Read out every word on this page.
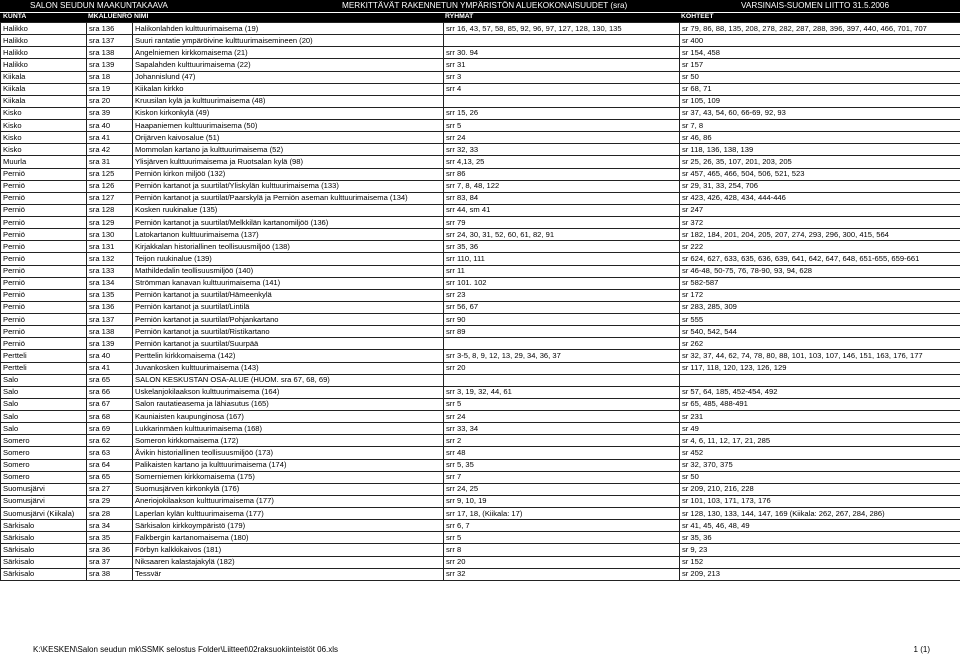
SALON SEUDUN MAAKUNTAKAAVA	MERKITTÄVÄT RAKENNETUN YMPÄRISTÖN ALUEKOKONAISUUDET (sra)	VARSINAIS-SUOMEN LIITTO 31.5.2006
KUNTA	MKALUENRO NIMI	RYHMAT	KOHTEET
Halikko	sra 136	Halikonlahden kulttuurimaisema (19)	srr 16, 43, 57, 58, 85, 92, 96, 97, 127, 128, 130, 135	sr 79, 86, 88, 135, 208, 278, 282, 287, 288, 396, 397, 440, 466, 701, 707
Halikko	sra 137	Suuri rantatie ympäröivine kulttuurimaisemineen (20)		sr 400
Halikko	sra 138	Angelniemen kirkkomaisema (21)	srr 30. 94	sr 154, 458
Halikko	sra 139	Sapalahden kulttuurimaisema (22)	srr 31	sr 157
Kiikala	sra 18	Johannislund (47)	srr 3	sr 50
Kiikala	sra 19	Kiikalan kirkko	srr 4	sr 68, 71
Kiikala	sra 20	Kruusilan kylä ja kulttuurimaisema (48)		sr 105, 109
Kisko	sra 39	Kiskon kirkonkylä (49)	srr 15, 26	sr 37, 43, 54, 60, 66-69, 92, 93
Kisko	sra 40	Haapaniemen kulttuurimaisema (50)	srr 5	sr 7, 8
Kisko	sra 41	Orijärven kaivosalue (51)	srr 24	sr 46, 86
Kisko	sra 42	Mommolan kartano ja kulttuurimaisema (52)	srr 32, 33	sr 118, 136, 138, 139
Muurla	sra 31	Ylisjärven kulttuurimaisema ja Ruotsalan kylä (98)	srr 4,13, 25	sr 25, 26, 35, 107, 201, 203, 205
Perniö	sra 125	Perniön kirkon miljöö (132)	srr 86	sr 457, 465, 466, 504, 506, 521, 523
Perniö	sra 126	Perniön kartanot ja suurtilat/Yliskylän kulttuurimaisema (133)	srr 7, 8, 48, 122	sr 29, 31, 33, 254, 706
Perniö	sra 127	Perniön kartanot ja suurtilat/Paarskylä ja Perniön aseman kulttuurimaisema (134)	srr 83, 84	sr 423, 426, 428, 434, 444-446
Perniö	sra 128	Kosken ruukinalue (135)	srr 44, sm 41	sr 247
Perniö	sra 129	Perniön kartanot ja suurtilat/Melkkilän kartanomiljöö (136)	srr 79	sr 372
Perniö	sra 130	Latokartanon kulttuurimaisema (137)	srr 24, 30, 31, 52, 60, 61, 82, 91	sr 182, 184, 201, 204, 205, 207, 274, 293, 296, 300, 415, 564
Perniö	sra 131	Kirjakkalan historiallinen teollisuusmiljöö (138)	srr 35, 36	sr 222
Perniö	sra 132	Teijon ruukinalue (139)	srr 110, 111	sr 624, 627, 633, 635, 636, 639, 641, 642, 647, 648, 651-655, 659-661
Perniö	sra 133	Mathildedalin teollisuusmiljöö (140)	srr 11	sr 46-48, 50-75, 76, 78-90, 93, 94, 628
Perniö	sra 134	Strömman kanavan kulttuurimaisema (141)	srr 101. 102	sr 582-587
Perniö	sra 135	Perniön kartanot ja suurtilat/Hämeenkylä	srr 23	sr 172
Perniö	sra 136	Perniön kartanot ja suurtilat/Lintilä	srr 56, 67	sr 283, 285, 309
Perniö	sra 137	Perniön kartanot ja suurtilat/Pohjankartano	srr 90	sr 555
Perniö	sra 138	Perniön kartanot ja suurtilat/Ristikartano	srr 89	sr 540, 542, 544
Perniö	sra 139	Perniön kartanot ja suurtilat/Suurpää		sr 262
Pertteli	sra 40	Perttelin kirkkomaisema (142)	srr 3-5, 8, 9, 12, 13, 29, 34, 36, 37	sr 32, 37, 44, 62, 74, 78, 80, 88, 101, 103, 107, 146, 151, 163, 176, 177
Pertteli	sra 41	Juvankosken kulttuurimaisema (143)	srr 20	sr 117, 118, 120, 123, 126, 129
Salo	sra 65	SALON KESKUSTAN OSA-ALUE (HUOM. sra 67, 68, 69)		
Salo	sra 66	Uskelanjokilaakson kulttuurimaisema (164)	srr 3, 19, 32, 44, 61	sr 57, 64, 185, 452-454, 492
Salo	sra 67	Salon rautatieasema ja lähiasutus (165)	srr 5	sr 65, 485, 488-491
Salo	sra 68	Kauniaisten kaupunginosa (167)	srr 24	sr 231
Salo	sra 69	Lukkarinmäen kulttuurimaisema (168)	srr 33, 34	sr 49
Somero	sra 62	Someron kirkkomaisema (172)	srr 2	sr 4, 6, 11, 12, 17, 21, 285
Somero	sra 63	Åvikin historiallinen teollisuusmiljöö (173)	srr 48	sr 452
Somero	sra 64	Palikaisten kartano ja kulttuurimaisema (174)	srr 5, 35	sr 32, 370, 375
Somero	sra 65	Somerniemen kirkkomaisema (175)	srr 7	sr 50
Suomusjärvi	sra 27	Suomusjärven kirkonkylä (176)	srr 24, 25	sr 209, 210, 216, 228
Suomusjärvi	sra 29	Aneriojokilaakson kulttuurimaisema (177)	srr 9, 10, 19	sr 101, 103, 171, 173, 176
Suomusjärvi (Kiikala)	sra 28	Laperlan kylän kulttuurimaisema (177)	srr 17, 18, (Kiikala: 17)	sr 128, 130, 133, 144, 147, 169 (Kiikala: 262, 267, 284, 286)
Särkisalo	sra 34	Särkisalon kirkkoympäristö (179)	srr 6, 7	sr 41, 45, 46, 48, 49
Särkisalo	sra 35	Falkbergin kartanomaisema (180)	srr 5	sr 35, 36
Särkisalo	sra 36	Förbyn kalkkikaivos (181)	srr 8	sr 9, 23
Särkisalo	sra 37	Niksaaren kalastajakylä (182)	srr 20	sr 152
Särkisalo	sra 38	Tessvär	srr 32	sr 209, 213
K:\KESKEN\Salon seudun mk\SSMK selostus Folder\Liitteet\02raksuokiinteistöt 06.xls	1 (1)
